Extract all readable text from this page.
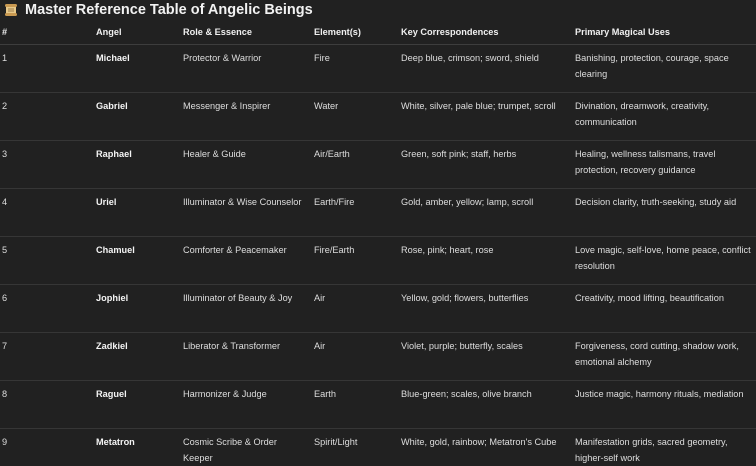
Master Reference Table of Angelic Beings
#	Angel	Role & Essence	Element(s)	Key Correspondences	Primary Magical Uses
1	Michael	Protector & Warrior	Fire	Deep blue, crimson; sword, shield	Banishing, protection, courage, space clearing
2	Gabriel	Messenger & Inspirer	Water	White, silver, pale blue; trumpet, scroll	Divination, dreamwork, creativity, communication
3	Raphael	Healer & Guide	Air/Earth	Green, soft pink; staff, herbs	Healing, wellness talismans, travel protection, recovery guidance
4	Uriel	Illuminator & Wise Counselor	Earth/Fire	Gold, amber, yellow; lamp, scroll	Decision clarity, truth-seeking, study aid
5	Chamuel	Comforter & Peacemaker	Fire/Earth	Rose, pink; heart, rose	Love magic, self-love, home peace, conflict resolution
6	Jophiel	Illuminator of Beauty & Joy	Air	Yellow, gold; flowers, butterflies	Creativity, mood lifting, beautification
7	Zadkiel	Liberator & Transformer	Air	Violet, purple; butterfly, scales	Forgiveness, cord cutting, shadow work, emotional alchemy
8	Raguel	Harmonizer & Judge	Earth	Blue-green; scales, olive branch	Justice magic, harmony rituals, mediation
9	Metatron	Cosmic Scribe & Order Keeper	Spirit/Light	White, gold, rainbow; Metatron's Cube	Manifestation grids, sacred geometry, higher-self work
